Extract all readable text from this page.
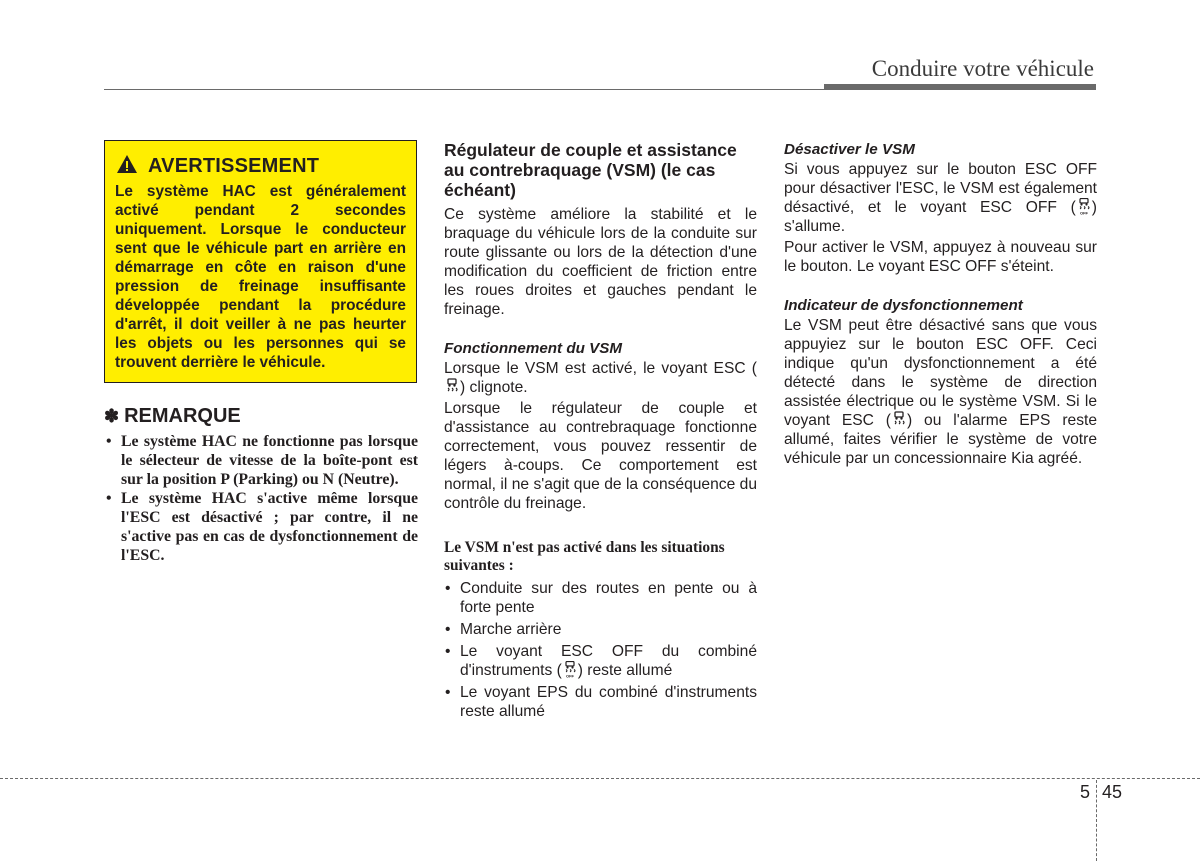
Conduire votre véhicule
AVERTISSEMENT
Le système HAC est généralement activé pendant 2 secondes uniquement. Lorsque le conducteur sent que le véhicule part en arrière en démarrage en côte en raison d'une pression de freinage insuffisante développée pendant la procédure d'arrêt, il doit veiller à ne pas heurter les objets ou les personnes qui se trouvent derrière le véhicule.
✽ REMARQUE
• Le système HAC ne fonctionne pas lorsque le sélecteur de vitesse de la boîte-pont est sur la position P (Parking) ou N (Neutre).
• Le système HAC s'active même lorsque l'ESC est désactivé ; par contre, il ne s'active pas en cas de dysfonctionnement de l'ESC.
Régulateur de couple et assistance au contrebraquage (VSM) (le cas échéant)

Ce système améliore la stabilité et le braquage du véhicule lors de la conduite sur route glissante ou lors de la détection d'une modification du coefficient de friction entre les roues droites et gauches pendant le freinage.

Fonctionnement du VSM

Lorsque le VSM est activé, le voyant ESC () clignote.

Lorsque le régulateur de couple et d'assistance au contrebraquage fonctionne correctement, vous pouvez ressentir de légers à-coups. Ce comportement est normal, il ne s'agit que de la conséquence du contrôle du freinage.

Le VSM n'est pas activé dans les situations suivantes :
• Conduite sur des routes en pente ou à forte pente
• Marche arrière
• Le voyant ESC OFF du combiné d'instruments ( OFF ) reste allumé
• Le voyant EPS du combiné d'instruments reste allumé
Désactiver le VSM

Si vous appuyez sur le bouton ESC OFF pour désactiver l'ESC, le VSM est également désactivé, et le voyant ESC OFF ( OFF ) s'allume.

Pour activer le VSM, appuyez à nouveau sur le bouton. Le voyant ESC OFF s'éteint.

Indicateur de dysfonctionnement

Le VSM peut être désactivé sans que vous appuyiez sur le bouton ESC OFF. Ceci indique qu'un dysfonctionnement a été détecté dans le système de direction assistée électrique ou le système VSM. Si le voyant ESC ( ) ou l'alarme EPS reste allumé, faites vérifier le système de votre véhicule par un concessionnaire Kia agréé.

5 45
